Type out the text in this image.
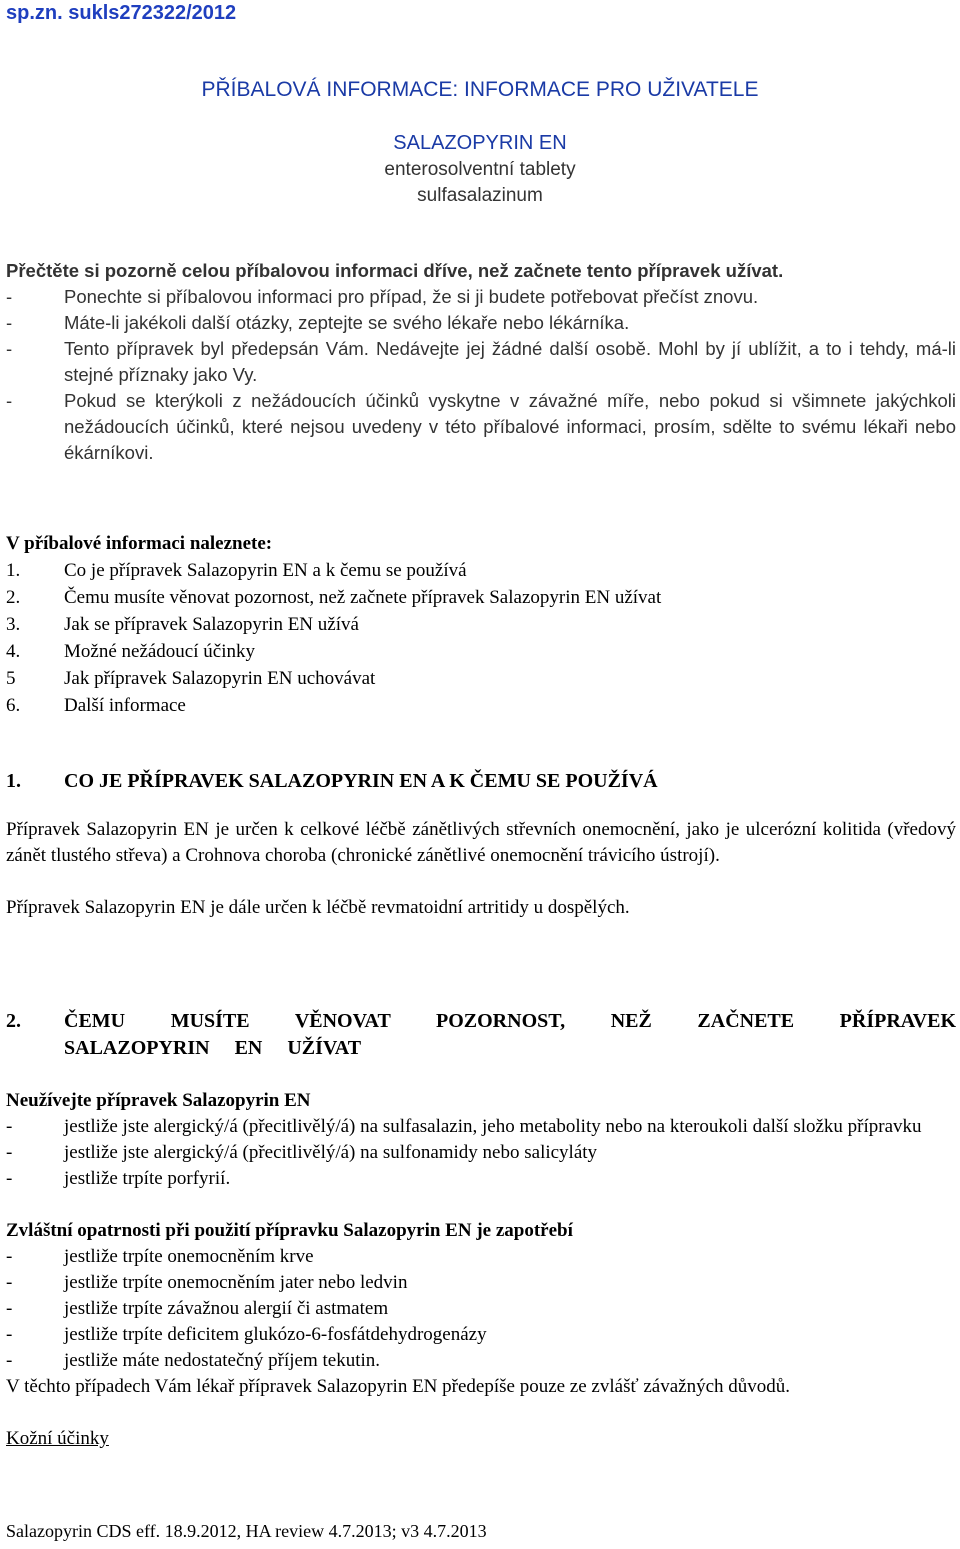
sp.zn. sukls272322/2012
PŘÍBALOVÁ INFORMACE: INFORMACE PRO UŽIVATELE
SALAZOPYRIN EN
enterosolventní tablety
sulfasalazinum

Přečtěte si pozorně celou příbalovou informaci dříve, než začnete tento přípravek užívat.

-	Ponechte si příbalovou informaci pro případ, že si ji budete potřebovat přečíst znovu.
-	Máte-li jakékoli další otázky, zeptejte se svého lékaře nebo lékárníka.
-	Tento přípravek byl předepsán Vám. Nedávejte jej žádné další osobě. Mohl by jí ublížit, a to i tehdy, má-li stejné příznaky jako Vy.
-	Pokud se kterýkoli z nežádoucích účinků vyskytne v závažné míře, nebo pokud si všimnete jakýchkoli nežádoucích účinků, které nejsou uvedeny v této příbalové informaci, prosím, sdělte to svému lékaři nebo ékárníkovi.

V příbalové informaci naleznete:

1. Co je přípravek Salazopyrin EN a k čemu se používá
2. Čemu musíte věnovat pozornost, než začnete přípravek Salazopyrin EN užívat
3. Jak se přípravek Salazopyrin EN užívá
4. Možné nežádoucí účinky
5	Jak přípravek Salazopyrin EN uchovávat
6. Další informace
1. CO JE PŘÍPRAVEK SALAZOPYRIN EN A K ČEMU SE POUŽÍVÁ

Přípravek Salazopyrin EN je určen k celkové léčbě zánětlivých střevních onemocnění, jako je ulcerózní kolitida (vředový zánět tlustého střeva) a Crohnova choroba (chronické zánětlivé onemocnění trávicího ústrojí).

Přípravek Salazopyrin EN je dále určen k léčbě revmatoidní artritidy u dospělých.

2. ČEMU MUSÍTE VĚNOVAT POZORNOST, NEŽ ZAČNETE PŘÍPRAVEK SALAZOPYRIN EN UŽÍVAT

Neužívejte přípravek Salazopyrin EN

-	jestliže jste alergický/á (přecitlivělý/á) na sulfasalazin, jeho metabolity nebo na kteroukoli další složku přípravku
-	jestliže jste alergický/á (přecitlivělý/á) na sulfonamidy nebo salicyláty
-	jestliže trpíte porfyrií.

Zvláštní opatrnosti při použití přípravku Salazopyrin EN je zapotřebí

-	jestliže trpíte onemocněním krve
-	jestliže trpíte onemocněním jater nebo ledvin
-	jestliže trpíte závažnou alergií či astmatem
-	jestliže trpíte deficitem glukózo-6-fosfátdehydrogenázy
-	jestliže máte nedostatečný příjem tekutin.

V těchto případech Vám lékař přípravek Salazopyrin EN předepíše pouze ze zvlášť závažných důvodů.

Kožní účinky

Salazopyrin CDS eff. 18.9.2012, HA review 4.7.2013; v3 4.7.2013
